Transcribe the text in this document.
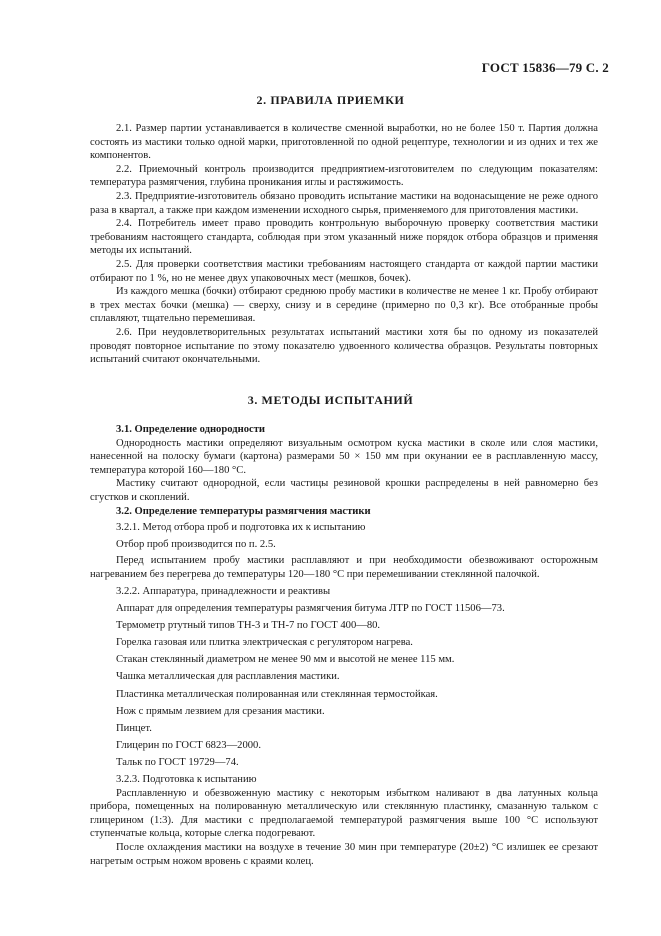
ГОСТ 15836—79 С. 2
2. ПРАВИЛА ПРИЕМКИ

2.1. Размер партии устанавливается в количестве сменной выработки, но не более 150 т. Партия должна состоять из мастики только одной марки, приготовленной по одной рецептуре, технологии и из одних и тех же компонентов.

2.2. Приемочный контроль производится предприятием-изготовителем по следующим показателям: температура размягчения, глубина проникания иглы и растяжимость.

2.3. Предприятие-изготовитель обязано проводить испытание мастики на водонасыщение не реже одного раза в квартал, а также при каждом изменении исходного сырья, применяемого для приготовления мастики.

2.4. Потребитель имеет право проводить контрольную выборочную проверку соответствия мастики требованиям настоящего стандарта, соблюдая при этом указанный ниже порядок отбора образцов и применяя методы их испытаний.

2.5. Для проверки соответствия мастики требованиям настоящего стандарта от каждой партии мастики отбирают по 1 %, но не менее двух упаковочных мест (мешков, бочек).

Из каждого мешка (бочки) отбирают среднюю пробу мастики в количестве не менее 1 кг. Пробу отбирают в трех местах бочки (мешка) — сверху, снизу и в середине (примерно по 0,3 кг). Все отобранные пробы сплавляют, тщательно перемешивая.

2.6. При неудовлетворительных результатах испытаний мастики хотя бы по одному из показателей проводят повторное испытание по этому показателю удвоенного количества образцов. Результаты повторных испытаний считают окончательными.

3. МЕТОДЫ ИСПЫТАНИЙ

3.1. Определение однородности

Однородность мастики определяют визуальным осмотром куска мастики в сколе или слоя мастики, нанесенной на полоску бумаги (картона) размерами 50 × 150 мм при окунании ее в расплавленную массу, температура которой 160—180 °С.

Мастику считают однородной, если частицы резиновой крошки распределены в ней равномерно без сгустков и скоплений.

3.2. Определение температуры размягчения мастики

3.2.1. Метод отбора проб и подготовка их к испытанию

Отбор проб производится по п. 2.5.

Перед испытанием пробу мастики расплавляют и при необходимости обезвоживают осторожным нагреванием без перегрева до температуры 120—180 °С при перемешивании стеклянной палочкой.

3.2.2. Аппаратура, принадлежности и реактивы

Аппарат для определения температуры размягчения битума ЛТР по ГОСТ 11506—73.

Термометр ртутный типов ТН-3 и ТН-7 по ГОСТ 400—80.

Горелка газовая или плитка электрическая с регулятором нагрева.

Стакан стеклянный диаметром не менее 90 мм и высотой не менее 115 мм.

Чашка металлическая для расплавления мастики.

Пластинка металлическая полированная или стеклянная термостойкая.

Нож с прямым лезвием для срезания мастики.

Пинцет.

Глицерин по ГОСТ 6823—2000.

Тальк по ГОСТ 19729—74.

3.2.3. Подготовка к испытанию

Расплавленную и обезвоженную мастику с некоторым избытком наливают в два латунных кольца прибора, помещенных на полированную металлическую или стеклянную пластинку, смазанную тальком с глицерином (1:3). Для мастики с предполагаемой температурой размягчения выше 100 °С используют ступенчатые кольца, которые слегка подогревают.

После охлаждения мастики на воздухе в течение 30 мин при температуре (20±2) °С излишек ее срезают нагретым острым ножом вровень с краями колец.
